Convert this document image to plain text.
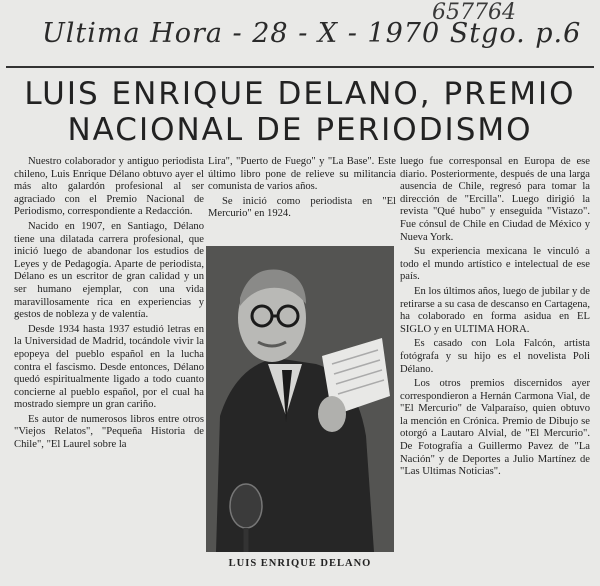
657764
Ultima Hora - 28 - X - 1970 Stgo. p.6
LUIS ENRIQUE DELANO, PREMIO
NACIONAL DE PERIODISMO

Nuestro colaborador y antiguo periodista chileno, Luis Enrique Délano obtuvo ayer el más alto galardón profesional al ser agraciado con el Premio Nacional de Periodismo, correspondiente a Redacción.

Nacido en 1907, en Santiago, Délano tiene una dilatada carrera profesional, que inició luego de abandonar los estudios de Leyes y de Pedagogía. Aparte de periodista, Délano es un escritor de gran calidad y un ser humano ejemplar, con una vida maravillosamente rica en experiencias y gestos de nobleza y de valentía.

Desde 1934 hasta 1937 estudió letras en la Universidad de Madrid, tocándole vivir la epopeya del pueblo español en la lucha contra el fascismo. Desde entonces, Délano quedó espiritualmente ligado a todo cuanto concierne al pueblo español, por el cual ha mostrado siempre un gran cariño.

Es autor de numerosos libros entre otros "Viejos Relatos", "Pequeña Historia de Chile", "El Laurel sobre la

Lira", "Puerto de Fuego" y "La Base". Este último libro pone de relieve su militancia comunista de varios años.

Se inició como periodista en "El Mercurio" en 1924.

LUIS ENRIQUE DELANO

luego fue corresponsal en Europa de ese diario. Posteriormente, después de una larga ausencia de Chile, regresó para tomar la dirección de "Ercilla". Luego dirigió la revista "Qué hubo" y enseguida "Vistazo". Fue cónsul de Chile en Ciudad de México y Nueva York.

Su experiencia mexicana le vinculó a todo el mundo artístico e intelectual de ese país.

En los últimos años, luego de jubilar y de retirarse a su casa de descanso en Cartagena, ha colaborado en forma asidua en EL SIGLO y en ULTIMA HORA.

Es casado con Lola Falcón, artista fotógrafa y su hijo es el novelista Poli Délano.

Los otros premios discernidos ayer correspondieron a Hernán Carmona Vial, de "El Mercurio" de Valparaíso, quien obtuvo la mención en Crónica. Premio de Dibujo se otorgó a Lautaro Alvial, de "El Mercurio". De Fotografía a Guillermo Pavez de "La Nación" y de Deportes a Julio Martínez de "Las Ultimas Noticias".
